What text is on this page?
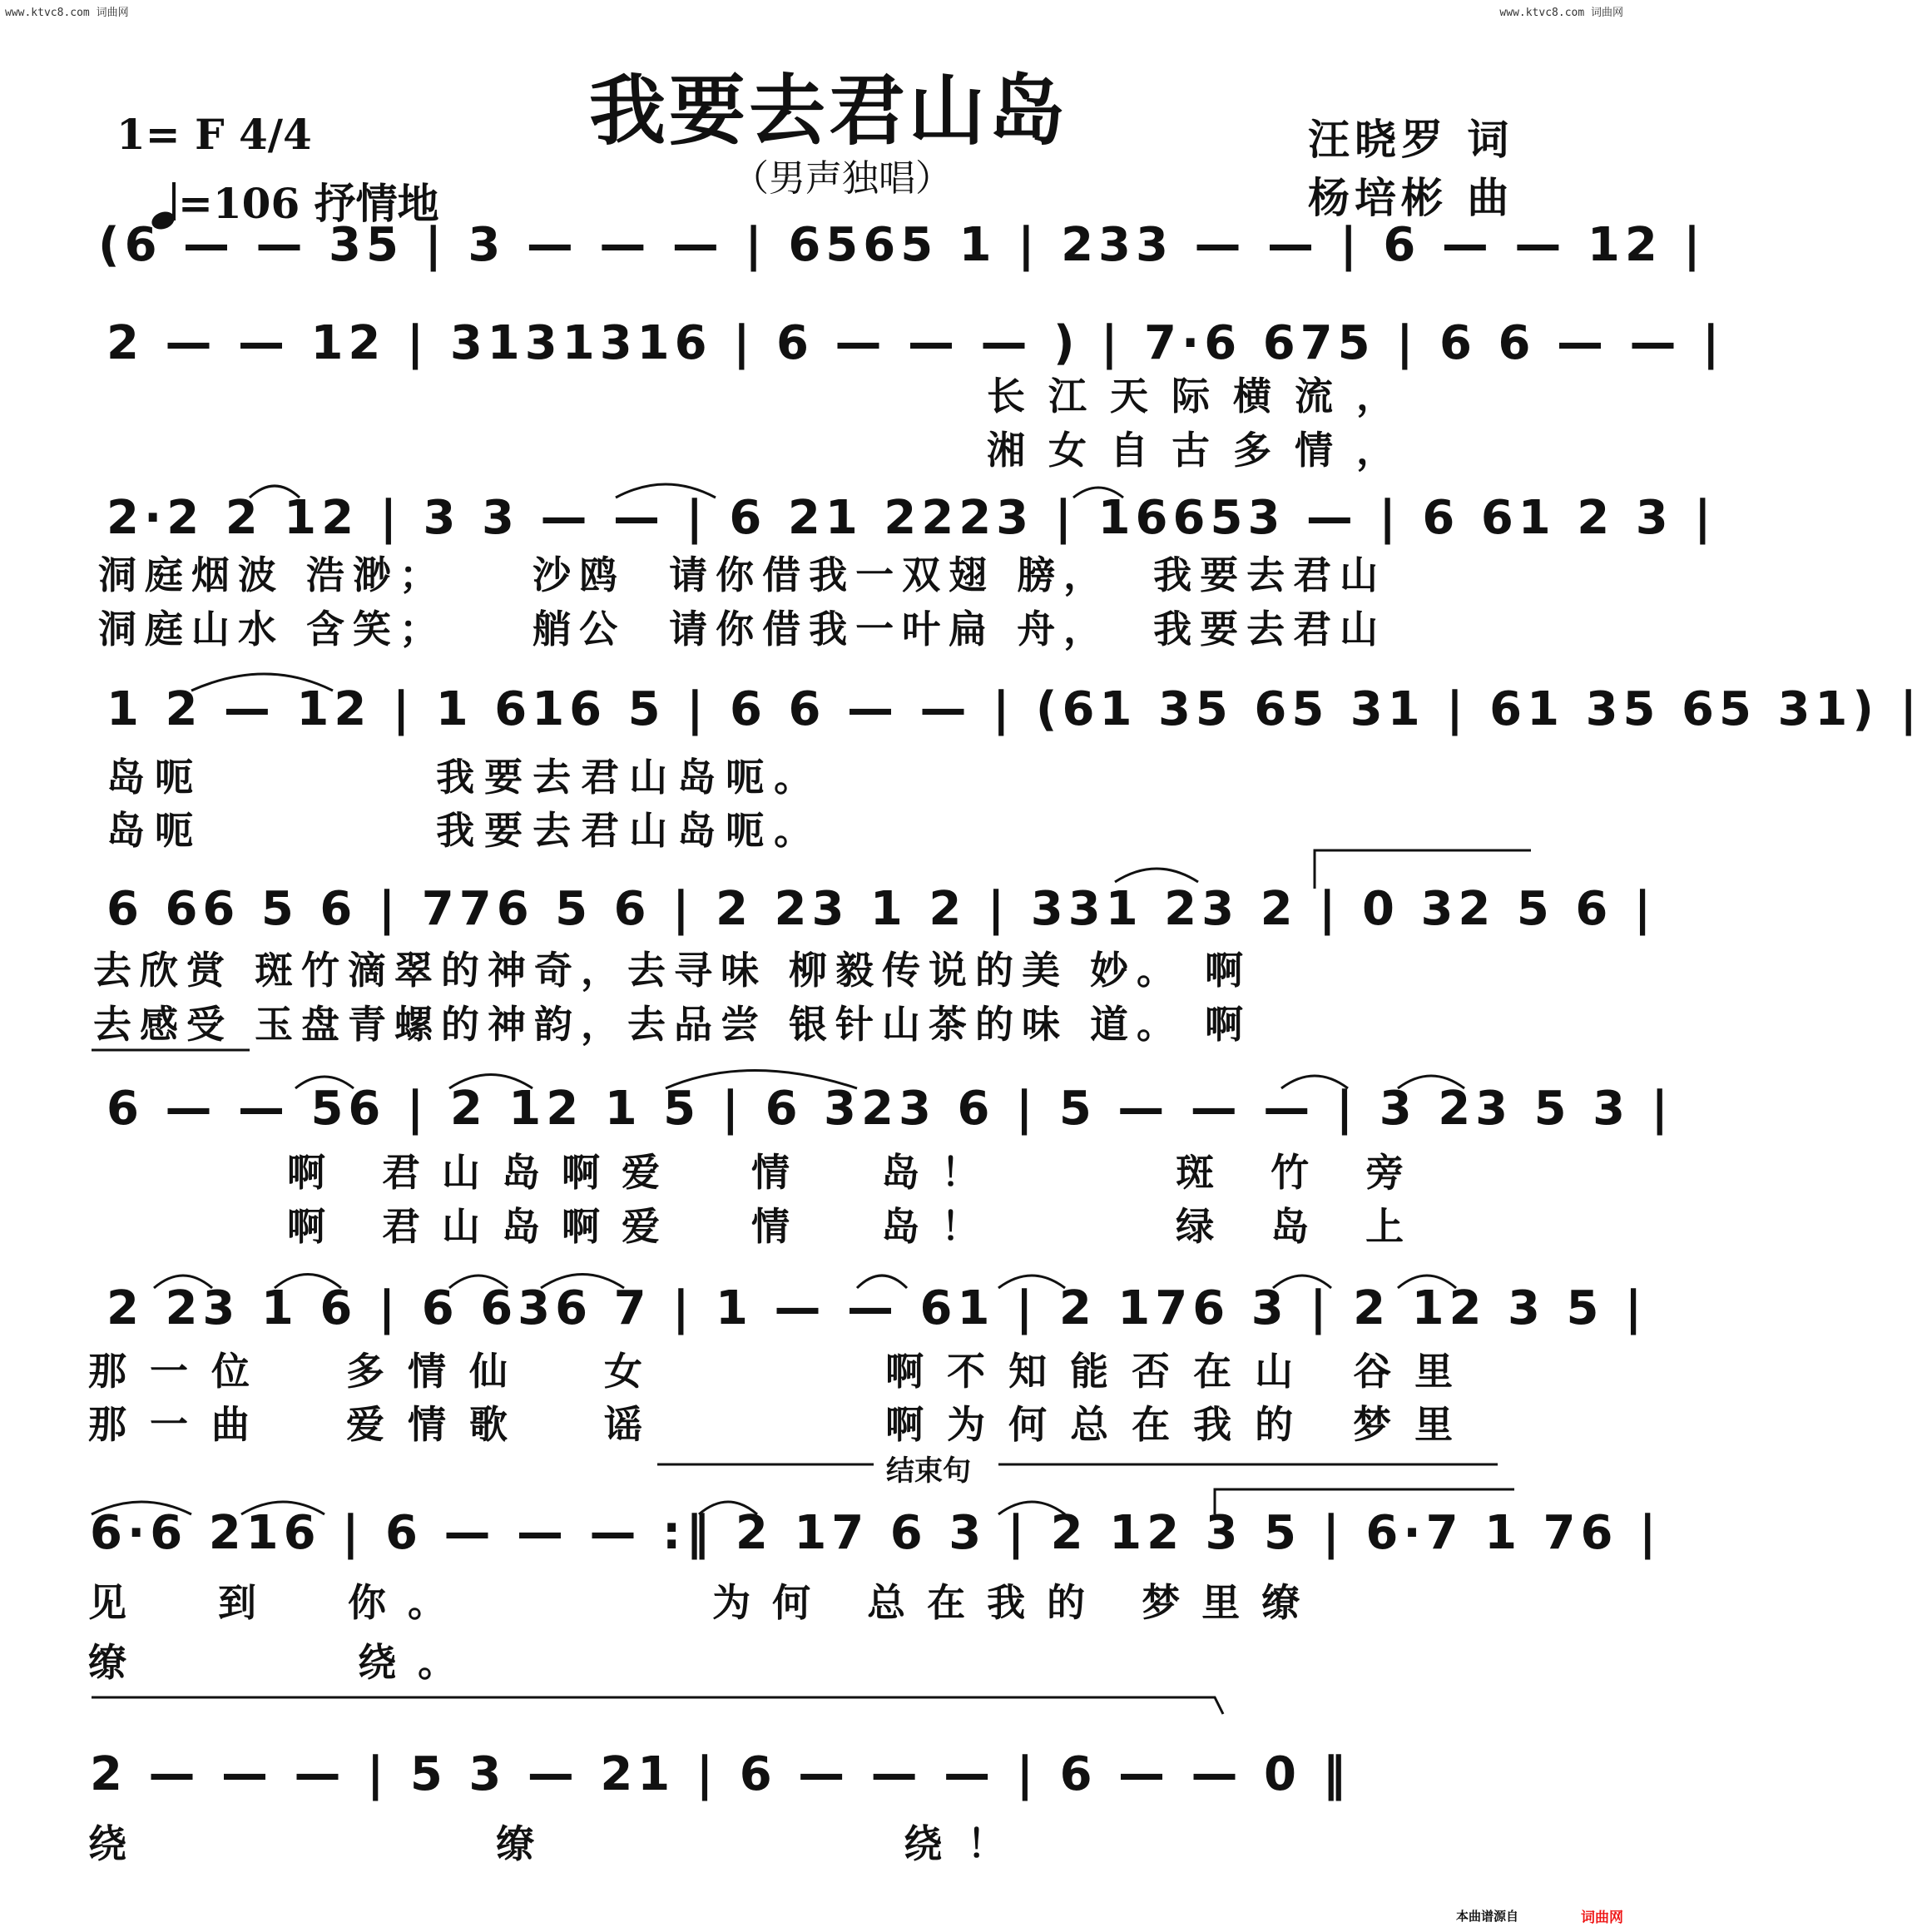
www.ktvc8.com 词曲网	www.ktvc8.com 词曲网
我要去君山岛
（男声独唱）
1= F 4/4

=106 抒情地
汪晓罗 词
杨培彬 曲
(6 — — 35 | 3 — — — | 6565 1 | 233 — — | 6 — — 12 |
2 — — 12 | 3131316 | 6 — — — ) | 7·6 675 | 6 6 — — |
长江天际横流，
湘女自古多情，
2·2 2 12 | 3 3 — — | 6 21 2223 | 16653 — | 6 61 2 3 |
洞庭烟波 浩渺；    沙鸥  请你借我一双翅 膀，  我要去君山
洞庭山水 含笑；    艄公  请你借我一叶扁 舟，  我要去君山
1 2 — 12 | 1 616 5 | 6 6 — — | (61 35 65 31 | 61 35 65 31) |
岛呃          我要去君山岛呃。
岛呃          我要去君山岛呃。
6 66 5 6 | 776 5 6 | 2 23 1 2 | 331 23 2 | 0 32 5 6 |
去欣赏 斑竹滴翠的神奇，去寻味 柳毅传说的美 妙。 啊
去感受 玉盘青螺的神韵，去品尝 银针山茶的味 道。 啊
6 — — 56 | 2 12 1 5 | 6 323 6 | 5 — — — | 3 23 5 3 |
啊 君山岛啊爱  情  岛！     斑 竹 旁
啊 君山岛啊爱  情  岛！     绿 岛 上
2 23 1 6 | 6 636 7 | 1 — — 61 | 2 176 3 | 2 12 3 5 |
那一位  多情仙  女      啊不知能否在山 谷里
那一曲  爱情歌  谣      啊为何总在我的 梦里
结束句
6·6 216 | 6 — — — :‖ 2 17 6 3 | 2 12 3 5 | 6·7 1 76 |
见  到  你。       为何 总在我的 梦里缭
缭      绕。
2 — — — | 5 3 — 21 | 6 — — — | 6 — — 0 ‖
绕         缭         绕！
本曲谱源自	词曲网
